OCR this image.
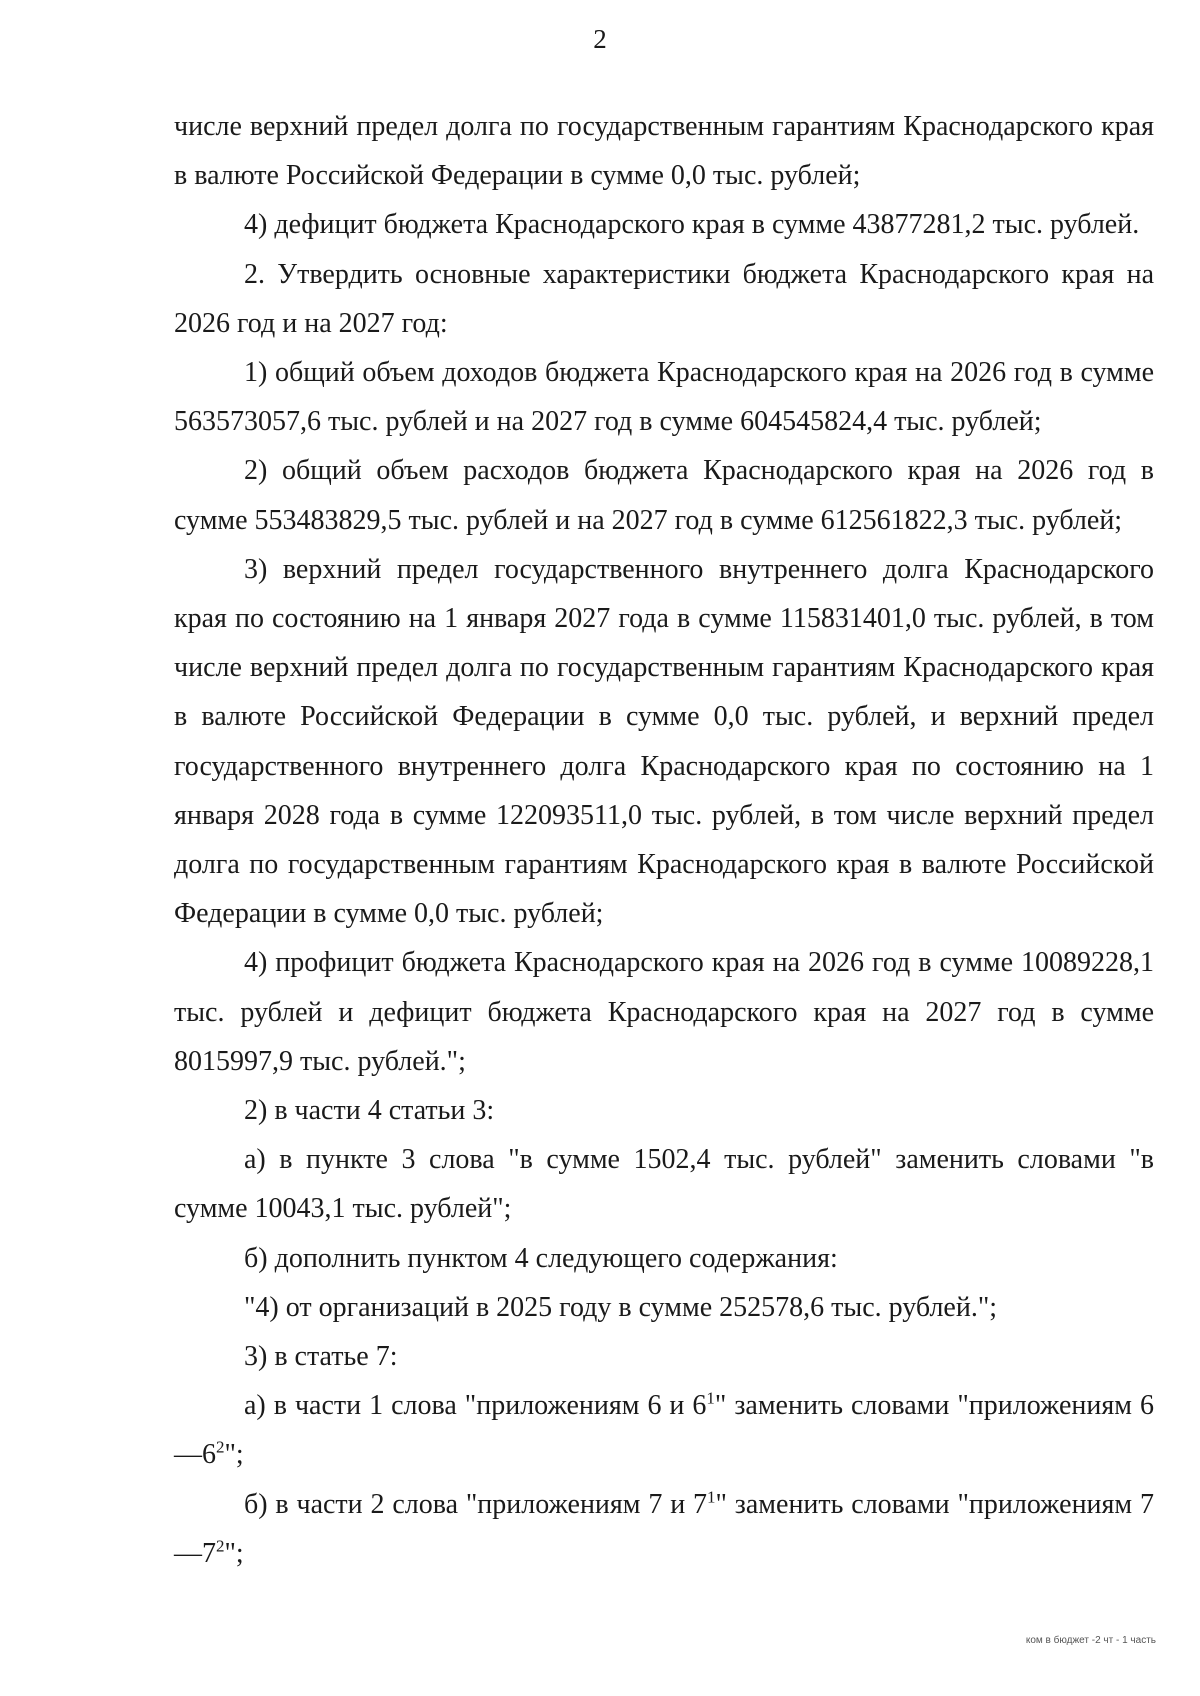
2

числе верхний предел долга по государственным гарантиям Краснодарского края в валюте Российской Федерации в сумме 0,0 тыс. рублей;

4) дефицит бюджета Краснодарского края в сумме 43877281,2 тыс. рублей.

2. Утвердить основные характеристики бюджета Краснодарского края на 2026 год и на 2027 год:

1) общий объем доходов бюджета Краснодарского края на 2026 год в сумме 563573057,6 тыс. рублей и на 2027 год в сумме 604545824,4 тыс. рублей;

2) общий объем расходов бюджета Краснодарского края на 2026 год в сумме 553483829,5 тыс. рублей и на 2027 год в сумме 612561822,3 тыс. рублей;

3) верхний предел государственного внутреннего долга Краснодарского края по состоянию на 1 января 2027 года в сумме 115831401,0 тыс. рублей, в том числе верхний предел долга по государственным гарантиям Краснодарского края в валюте Российской Федерации в сумме 0,0 тыс. рублей, и верхний предел государственного внутреннего долга Краснодарского края по состоянию на 1 января 2028 года в сумме 122093511,0 тыс. рублей, в том числе верхний предел долга по государственным гарантиям Краснодарского края в валюте Российской Федерации в сумме 0,0 тыс. рублей;

4) профицит бюджета Краснодарского края на 2026 год в сумме 10089228,1 тыс. рублей и дефицит бюджета Краснодарского края на 2027 год в сумме 8015997,9 тыс. рублей.";

2) в части 4 статьи 3:

а) в пункте 3 слова "в сумме 1502,4 тыс. рублей" заменить словами "в сумме 10043,1 тыс. рублей";

б) дополнить пунктом 4 следующего содержания:

"4) от организаций в 2025 году в сумме 252578,6 тыс. рублей.";

3) в статье 7:

а) в части 1 слова "приложениям 6 и $6^1$" заменить словами "приложениям $6—6^2$";

б) в части 2 слова "приложениям 7 и $7^1$" заменить словами "приложениям $7—7^2$";

ком в бюджет -2 чт - 1 часть
